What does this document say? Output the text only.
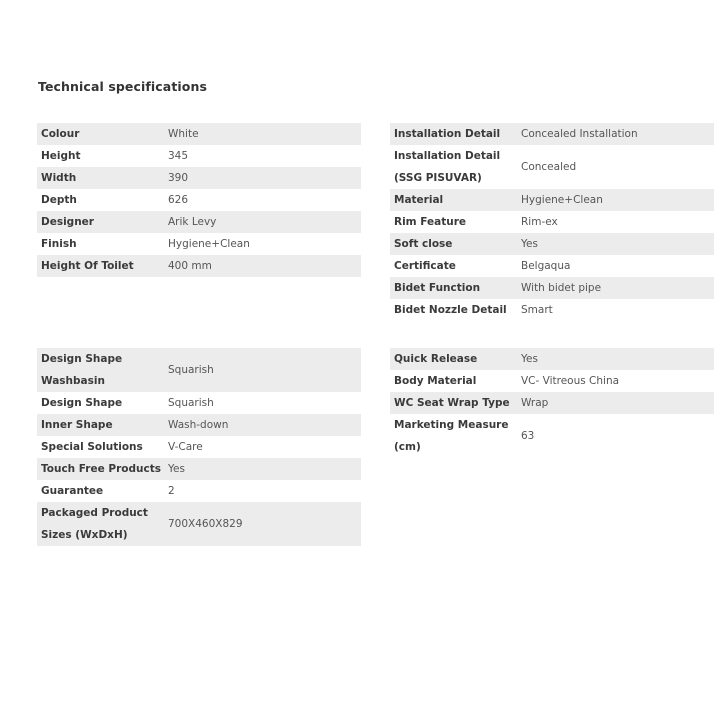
Technical specifications
Colour	White
Height	345
Width	390
Depth	626
Designer	Arik Levy
Finish	Hygiene+Clean
Height Of Toilet	400 mm
Installation Detail	Concealed Installation
Installation Detail (SSG PISUVAR)	Concealed
Material	Hygiene+Clean
Rim Feature	Rim-ex
Soft close	Yes
Certificate	Belgaqua
Bidet Function	With bidet pipe
Bidet Nozzle Detail	Smart
Design Shape Washbasin	Squarish
Design Shape	Squarish
Inner Shape	Wash-down
Special Solutions	V-Care
Touch Free Products	Yes
Guarantee	2
Packaged Product Sizes (WxDxH)	700X460X829
Quick Release	Yes
Body Material	VC- Vitreous China
WC Seat Wrap Type	Wrap
Marketing Measure (cm)	63
